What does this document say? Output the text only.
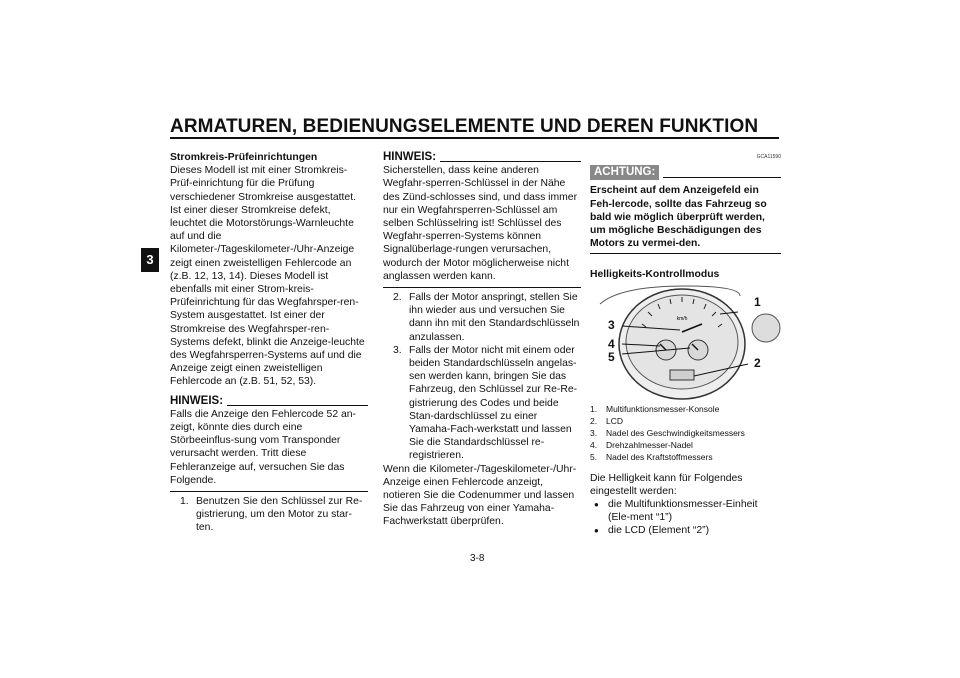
ARMATUREN, BEDIENUNGSELEMENTE UND DEREN FUNKTION
3

Stromkreis-Prüfeinrichtungen

Dieses Modell ist mit einer Stromkreis-Prüf-einrichtung für die Prüfung verschiedener Stromkreise ausgestattet. Ist einer dieser Stromkreise defekt, leuchtet die Motorstörungs-Warnleuchte auf und die Kilometer-/Tageskilometer-/Uhr-Anzeige zeigt einen zweistelligen Fehlercode an (z.B. 12, 13, 14). Dieses Modell ist ebenfalls mit einer Strom-kreis-Prüfeinrichtung für das Wegfahrsper-ren-System ausgestattet. Ist einer der Stromkreise des Wegfahrsper-ren-Systems defekt, blinkt die Anzeige-leuchte des Wegfahrsperren-Systems auf und die Anzeige zeigt einen zweistelligen Fehlercode an (z.B. 51, 52, 53).

HINWEIS:

Falls die Anzeige den Fehlercode 52 an-zeigt, könnte dies durch eine Störbeeinflus-sung vom Transponder verursacht werden. Tritt diese Fehleranzeige auf, versuchen Sie das Folgende.

1. Benutzen Sie den Schlüssel zur Re-gistrierung, um den Motor zu star-ten.
HINWEIS:

Sicherstellen, dass keine anderen Wegfahr-sperren-Schlüssel in der Nähe des Zünd-schlosses sind, und dass immer nur ein Wegfahrsperren-Schlüssel am selben Schlüsselring ist! Schlüssel des Wegfahr-sperren-Systems können Signalüberlage-rungen verursachen, wodurch der Motor möglicherweise nicht anglassen werden kann.

2. Falls der Motor anspringt, stellen Sie ihn wieder aus und versuchen Sie dann ihn mit den Standardschlüsseln anzulassen.
3. Falls der Motor nicht mit einem oder beiden Standardschlüsseln angelas-sen werden kann, bringen Sie das Fahrzeug, den Schlüssel zur Re-Re-gistrierung des Codes und beide Stan-dardschlüssel zu einer Yamaha-Fach-werkstatt und lassen Sie die Standardschlüssel re-registrieren.

Wenn die Kilometer-/Tageskilometer-/Uhr-Anzeige einen Fehlercode anzeigt, notieren Sie die Codenummer und lassen Sie das Fahrzeug von einer Yamaha-Fachwerkstatt überprüfen.

GCA11590
ACHTUNG:

Erscheint auf dem Anzeigefeld ein Feh-lercode, sollte das Fahrzeug so bald wie möglich überprüft werden, um mögliche Beschädigungen des Motors zu vermei-den.

Helligkeits-Kontrollmodus

km/h
1
2
3
4
5
1.	Multifunktionsmesser-Konsole
2.	LCD
3.	Nadel des Geschwindigkeitsmessers
4.	Drehzahlmesser-Nadel
5.	Nadel des Kraftstoffmessers

Die Helligkeit kann für Folgendes eingestellt werden:

● die Multifunktionsmesser-Einheit (Ele-ment “1”)
● die LCD (Element “2”)
3-8
